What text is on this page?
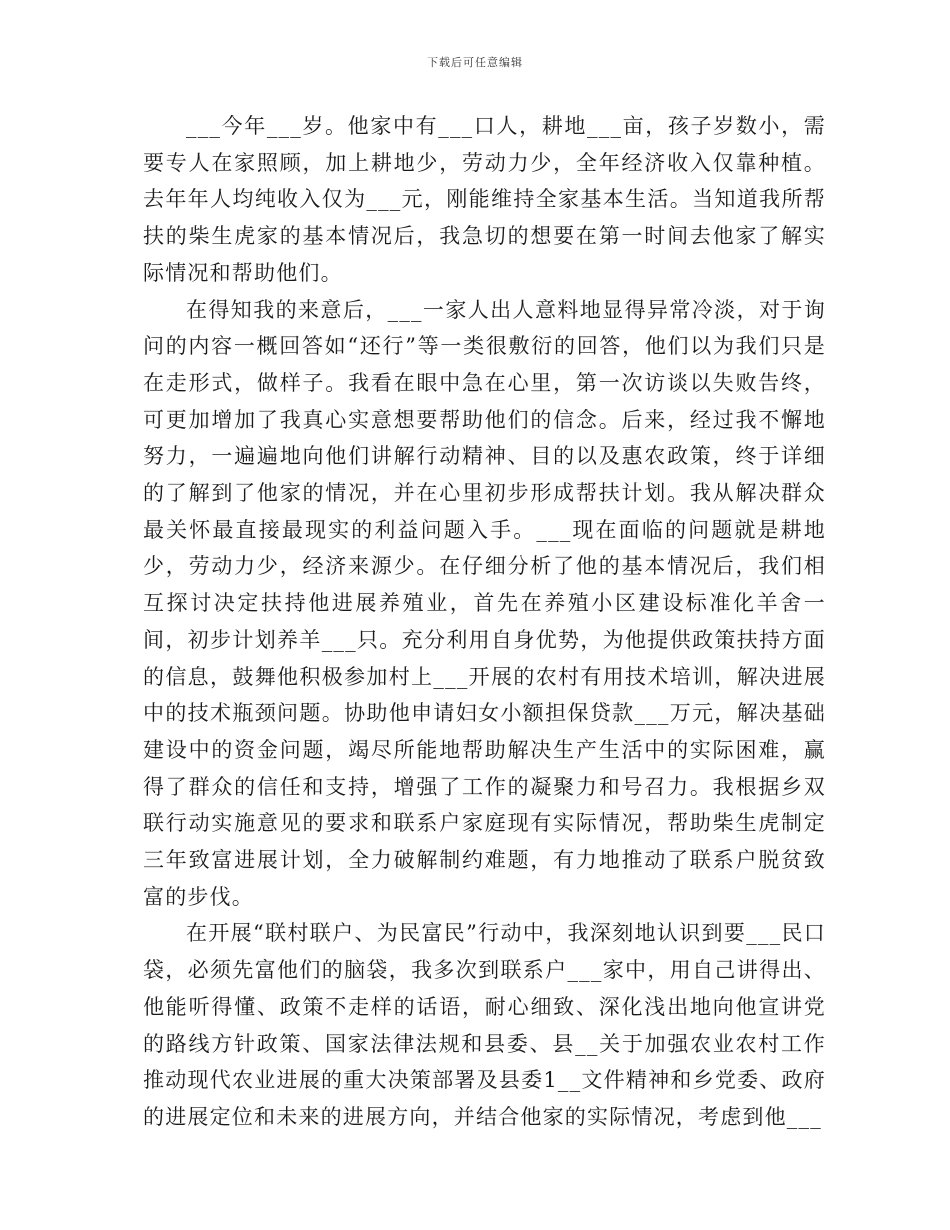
下载后可任意编辑

___今年___岁。他家中有___口人，耕地___亩，孩子岁数小，需要专人在家照顾，加上耕地少，劳动力少，全年经济收入仅靠种植。去年年人均纯收入仅为___元，刚能维持全家基本生活。当知道我所帮扶的柴生虎家的基本情况后，我急切的想要在第一时间去他家了解实际情况和帮助他们。

在得知我的来意后，___一家人出人意料地显得异常冷淡，对于询问的内容一概回答如“还行”等一类很敷衍的回答，他们以为我们只是在走形式，做样子。我看在眼中急在心里，第一次访谈以失败告终，可更加增加了我真心实意想要帮助他们的信念。后来，经过我不懈地努力，一遍遍地向他们讲解行动精神、目的以及惠农政策，终于详细的了解到了他家的情况，并在心里初步形成帮扶计划。我从解决群众最关怀最直接最现实的利益问题入手。___现在面临的问题就是耕地少，劳动力少，经济来源少。在仔细分析了他的基本情况后，我们相互探讨决定扶持他进展养殖业，首先在养殖小区建设标准化羊舍一间，初步计划养羊___只。充分利用自身优势，为他提供政策扶持方面的信息，鼓舞他积极参加村上___开展的农村有用技术培训，解决进展中的技术瓶颈问题。协助他申请妇女小额担保贷款___万元，解决基础建设中的资金问题，竭尽所能地帮助解决生产生活中的实际困难，赢得了群众的信任和支持，增强了工作的凝聚力和号召力。我根据乡双联行动实施意见的要求和联系户家庭现有实际情况，帮助柴生虎制定三年致富进展计划，全力破解制约难题，有力地推动了联系户脱贫致富的步伐。

在开展“联村联户、为民富民”行动中，我深刻地认识到要___民口袋，必须先富他们的脑袋，我多次到联系户___家中，用自己讲得出、他能听得懂、政策不走样的话语，耐心细致、深化浅出地向他宣讲党的路线方针政策、国家法律法规和县委、县__关于加强农业农村工作推动现代农业进展的重大决策部署及县委1__文件精神和乡党委、政府的进展定位和未来的进展方向，并结合他家的实际情况，考虑到他___
